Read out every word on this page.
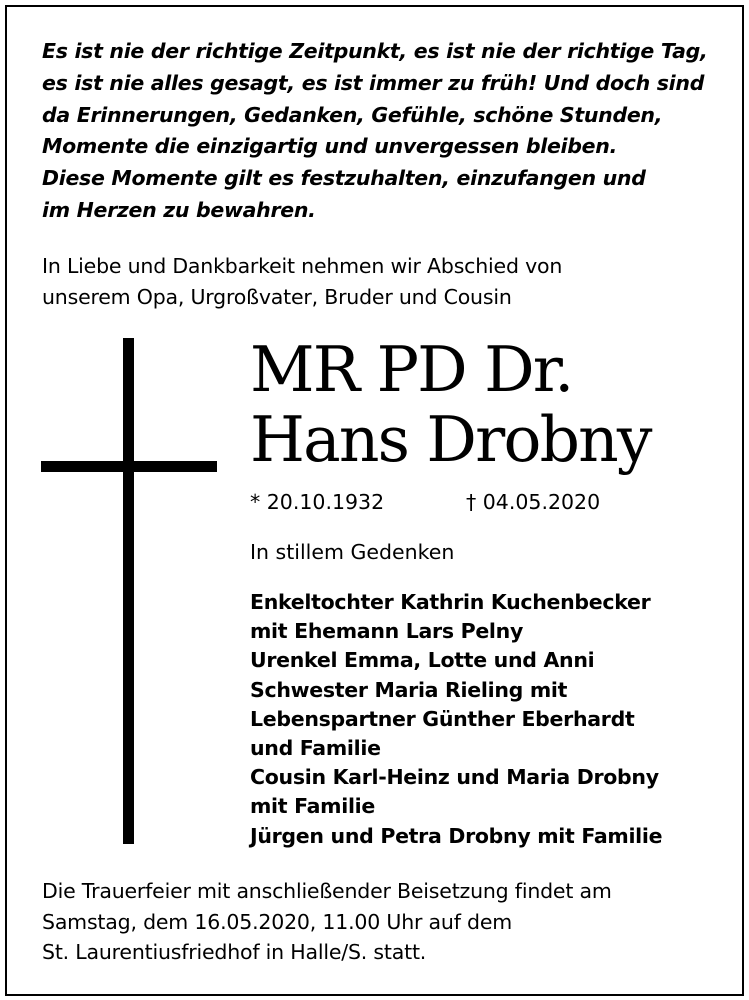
Es ist nie der richtige Zeitpunkt, es ist nie der richtige Tag,
es ist nie alles gesagt, es ist immer zu früh! Und doch sind
da Erinnerungen, Gedanken, Gefühle, schöne Stunden,
Momente die einzigartig und unvergessen bleiben.
Diese Momente gilt es festzuhalten, einzufangen und
im Herzen zu bewahren.
In Liebe und Dankbarkeit nehmen wir Abschied von
unserem Opa, Urgroßvater, Bruder und Cousin
MR PD Dr.
Hans Drobny
* 20.10.1932	† 04.05.2020
In stillem Gedenken
Enkeltochter Kathrin Kuchenbecker
mit Ehemann Lars Pelny
Urenkel Emma, Lotte und Anni
Schwester Maria Rieling mit
Lebenspartner Günther Eberhardt
und Familie
Cousin Karl-Heinz und Maria Drobny
mit Familie
Jürgen und Petra Drobny mit Familie
Die Trauerfeier mit anschließender Beisetzung findet am
Samstag, dem 16.05.2020, 11.00 Uhr auf dem
St. Laurentiusfriedhof in Halle/S. statt.
